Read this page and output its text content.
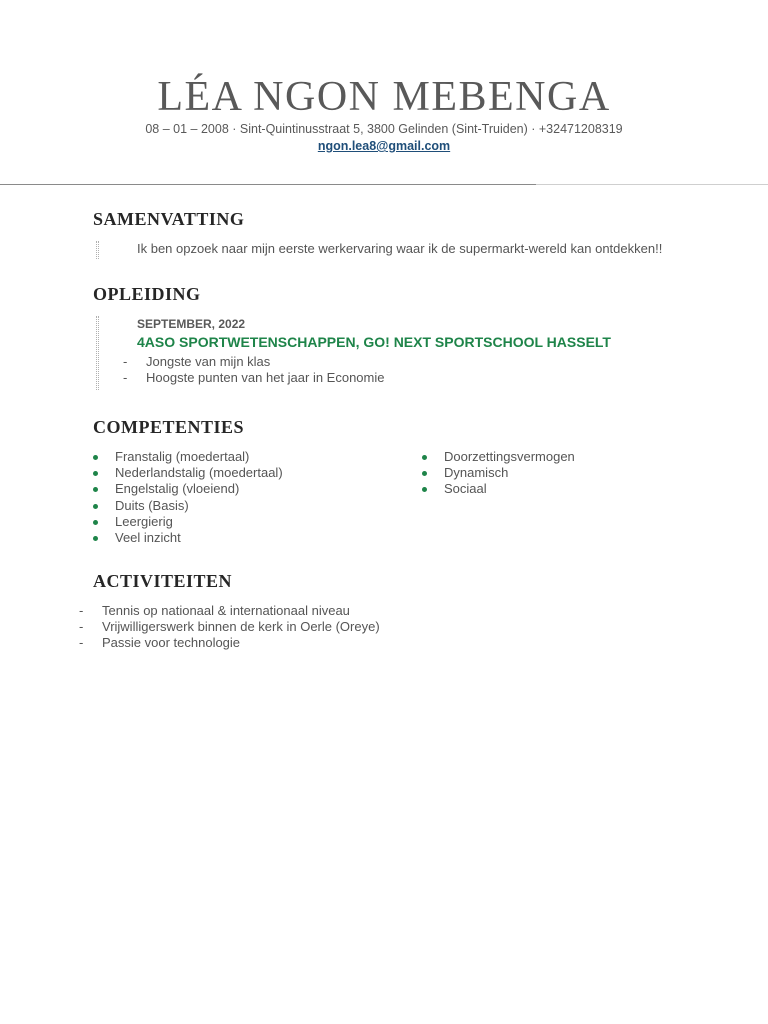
LÉA NGON MEBENGA
08 – 01 – 2008 · Sint-Quintinusstraat 5, 3800 Gelinden (Sint-Truiden) · +32471208319
ngon.lea8@gmail.com
SAMENVATTING
Ik ben opzoek naar mijn eerste werkervaring waar ik de supermarkt-wereld kan ontdekken!!
OPLEIDING
SEPTEMBER, 2022
4ASO SPORTWETENSCHAPPEN, GO! NEXT SPORTSCHOOL HASSELT
-	Jongste van mijn klas
-	Hoogste punten van het jaar in Economie
COMPETENTIES
Franstalig (moedertaal)
Nederlandstalig (moedertaal)
Engelstalig (vloeiend)
Duits (Basis)
Leergierig
Veel inzicht
Doorzettingsvermogen
Dynamisch
Sociaal
ACTIVITEITEN
-	Tennis op nationaal & internationaal niveau
-	Vrijwilligerswerk binnen de kerk in Oerle (Oreye)
-	Passie voor technologie
